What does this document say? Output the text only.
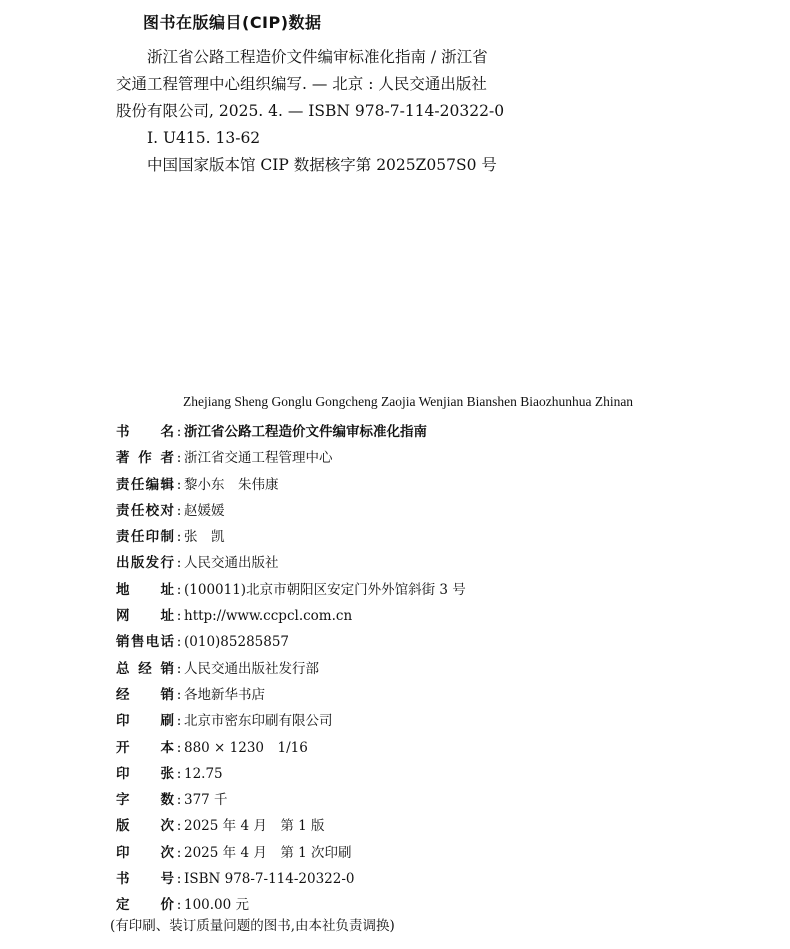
图书在版编目(CIP)数据
浙江省公路工程造价文件编审标准化指南 / 浙江省
交通工程管理中心组织编写. — 北京 : 人民交通出版社
股份有限公司, 2025. 4. — ISBN 978-7-114-20322-0
Ⅰ. U415. 13-62
中国国家版本馆 CIP 数据核字第 2025Z057S0 号
Zhejiang Sheng Gonglu Gongcheng Zaojia Wenjian Bianshen Biaozhunhua Zhinan
书 名 : 浙江省公路工程造价文件编审标准化指南
著 作 者 : 浙江省交通工程管理中心
责 任 编 辑 : 黎小东　朱伟康
责 任 校 对 : 赵媛媛
责 任 印 制 : 张　凯
出 版 发 行 : 人民交通出版社
地 址 : (100011)北京市朝阳区安定门外外馆斜街 3 号
网 址 : http://www.ccpcl.com.cn
销 售 电 话 : (010)85285857
总 经 销 : 人民交通出版社发行部
经 销 : 各地新华书店
印 刷 : 北京市密东印刷有限公司
开 本 : 880 × 1230　1/16
印 张 : 12.75
字 数 : 377 千
版 次 : 2025 年 4 月　第 1 版
印 次 : 2025 年 4 月　第 1 次印刷
书 号 : ISBN 978-7-114-20322-0
定 价 : 100.00 元
(有印刷、装订质量问题的图书,由本社负责调换)
